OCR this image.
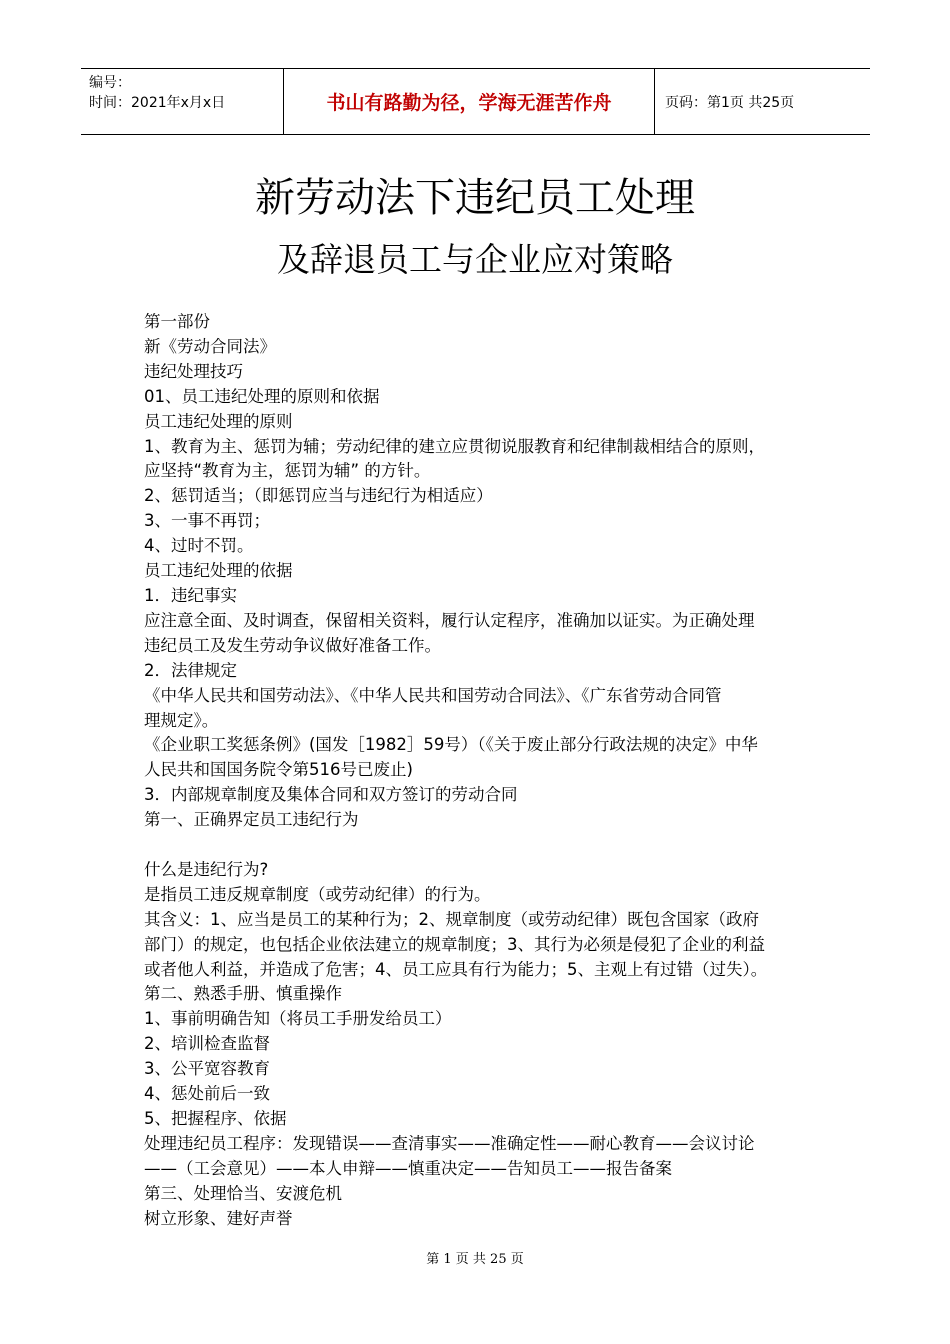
编号：
时间：2021年x月x日	书山有路勤为径，学海无涯苦作舟	页码：第1页 共25页
新劳动法下违纪员工处理
及辞退员工与企业应对策略

第一部份

新《劳动合同法》

违纪处理技巧

01、员工违纪处理的原则和依据

员工违纪处理的原则

1、教育为主、惩罚为辅；劳动纪律的建立应贯彻说服教育和纪律制裁相结合的原则，

应坚持“教育为主，惩罚为辅” 的方针。

2、惩罚适当；（即惩罚应当与违纪行为相适应）

3、一事不再罚；

4、过时不罚。

员工违纪处理的依据

1．违纪事实

应注意全面、及时调查，保留相关资料，履行认定程序，准确加以证实。为正确处理

违纪员工及发生劳动争议做好准备工作。

2．法律规定

《中华人民共和国劳动法》、《中华人民共和国劳动合同法》、《广东省劳动合同管

理规定》。

《企业职工奖惩条例》(国发［1982］59号）（《关于废止部分行政法规的决定》中华

人民共和国国务院令第516号已废止)

3．内部规章制度及集体合同和双方签订的劳动合同

第一、正确界定员工违纪行为

什么是违纪行为?

是指员工违反规章制度（或劳动纪律）的行为。

其含义：1、应当是员工的某种行为；2、规章制度（或劳动纪律）既包含国家（政府

部门）的规定，也包括企业依法建立的规章制度；3、其行为必须是侵犯了企业的利益

或者他人利益，并造成了危害；4、员工应具有行为能力；5、主观上有过错（过失）。

第二、熟悉手册、慎重操作

1、事前明确告知（将员工手册发给员工）

2、培训检查监督

3、公平宽容教育

4、惩处前后一致

5、把握程序、依据

处理违纪员工程序：发现错误——查清事实——准确定性——耐心教育——会议讨论

——（工会意见）——本人申辩——慎重决定——告知员工——报告备案

第三、处理恰当、安渡危机

树立形象、建好声誉

第 1 页 共 25 页
